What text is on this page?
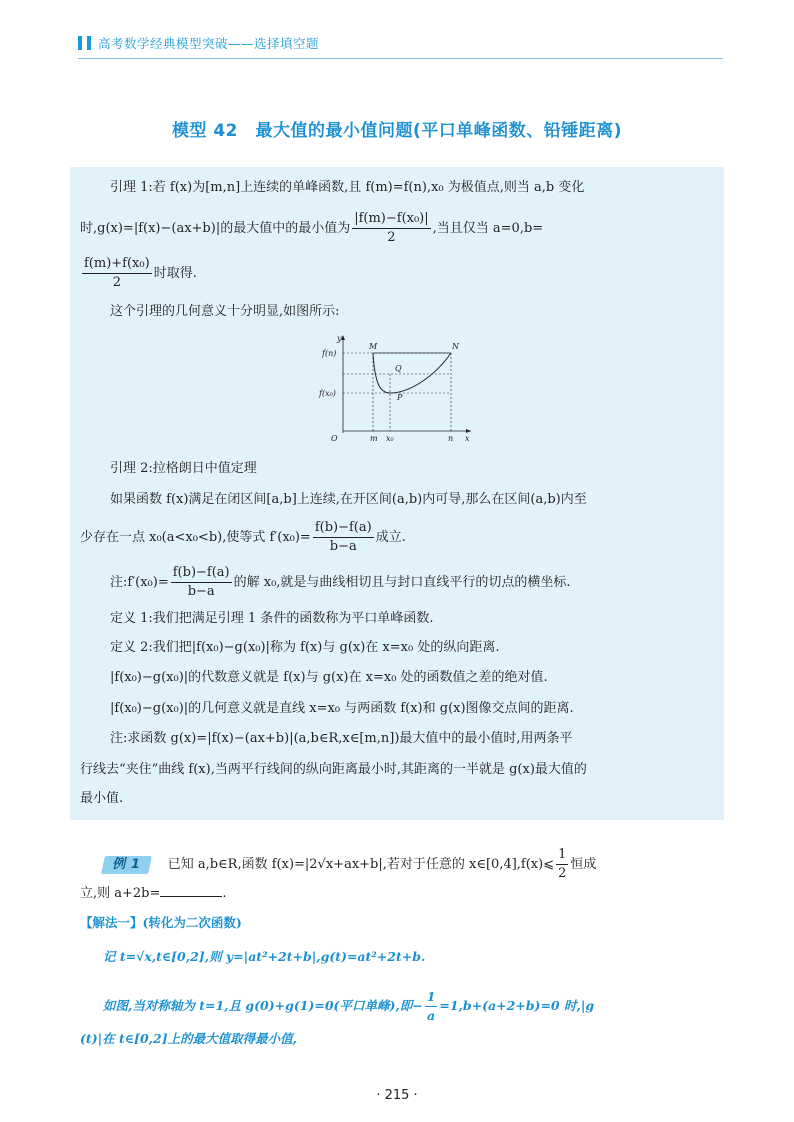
高考数学经典模型突破——选择填空题
模型 42　最大值的最小值问题(平口单峰函数、铅锤距离)
引理 1:若 f(x)为[m,n]上连续的单峰函数,且 f(m)=f(n),x₀ 为极值点,则当 a,b 变化
时,g(x)=|f(x)−(ax+b)|的最大值中的最小值为 $\frac{\text{|f(m)−f(x₀)|}}{2}$ ,当且仅当 a=0,b=
$\frac{\text{f(m)+f(x₀)}}{2}$ 时取得.
这个引理的几何意义十分明显,如图所示:
y
x
O
f(n)
f(x₀)
M	N
Q
P
m x₀	n
引理 2:拉格朗日中值定理
如果函数 f(x)满足在闭区间[a,b]上连续,在开区间(a,b)内可导,那么在区间(a,b)内至
少存在一点 x₀(a<x₀<b),使等式 $f'(x_0)= \frac{f(b)-f(a)}{b-a}$ 成立.
注:f′(x₀)= $\frac{f(b)-f(a)}{b-a}$ 的解 x₀,就是与曲线相切且与封口直线平行的切点的横坐标.
定义 1:我们把满足引理 1 条件的函数称为平口单峰函数.
定义 2:我们把|f(x₀)−g(x₀)|称为 f(x)与 g(x)在 x=x₀ 处的纵向距离.
|f(x₀)−g(x₀)|的代数意义就是 f(x)与 g(x)在 x=x₀ 处的函数值之差的绝对值.
|f(x₀)−g(x₀)|的几何意义就是直线 x=x₀ 与两函数 f(x)和 g(x)图像交点间的距离.
注:求函数 g(x)=|f(x)−(ax+b)|(a,b∈R,x∈[m,n])最大值中的最小值时,用两条平
行线去“夹住”曲线 f(x),当两平行线间的纵向距离最小时,其距离的一半就是 g(x)最大值的
最小值.
例 1 已知 a,b∈R,函数 f(x)=|2√x+ax+b|,若对于任意的 x∈[0,4],f(x)⩽ $\frac{1}{2}$ 恒成
立,则 a+2b=	.
【解法一】(转化为二次函数)
记 t=√x,t∈[0,2],则 y=|at²+2t+b|,g(t)=at²+2t+b.
如图,当对称轴为 t=1,且 g(0)+g(1)=0(平口单峰),即− $\frac{1}{a} =1,b+(a+2+b)=0$ 时,|g
(t)|在 t∈[0,2]上的最大值取得最小值,
· 215 ·
